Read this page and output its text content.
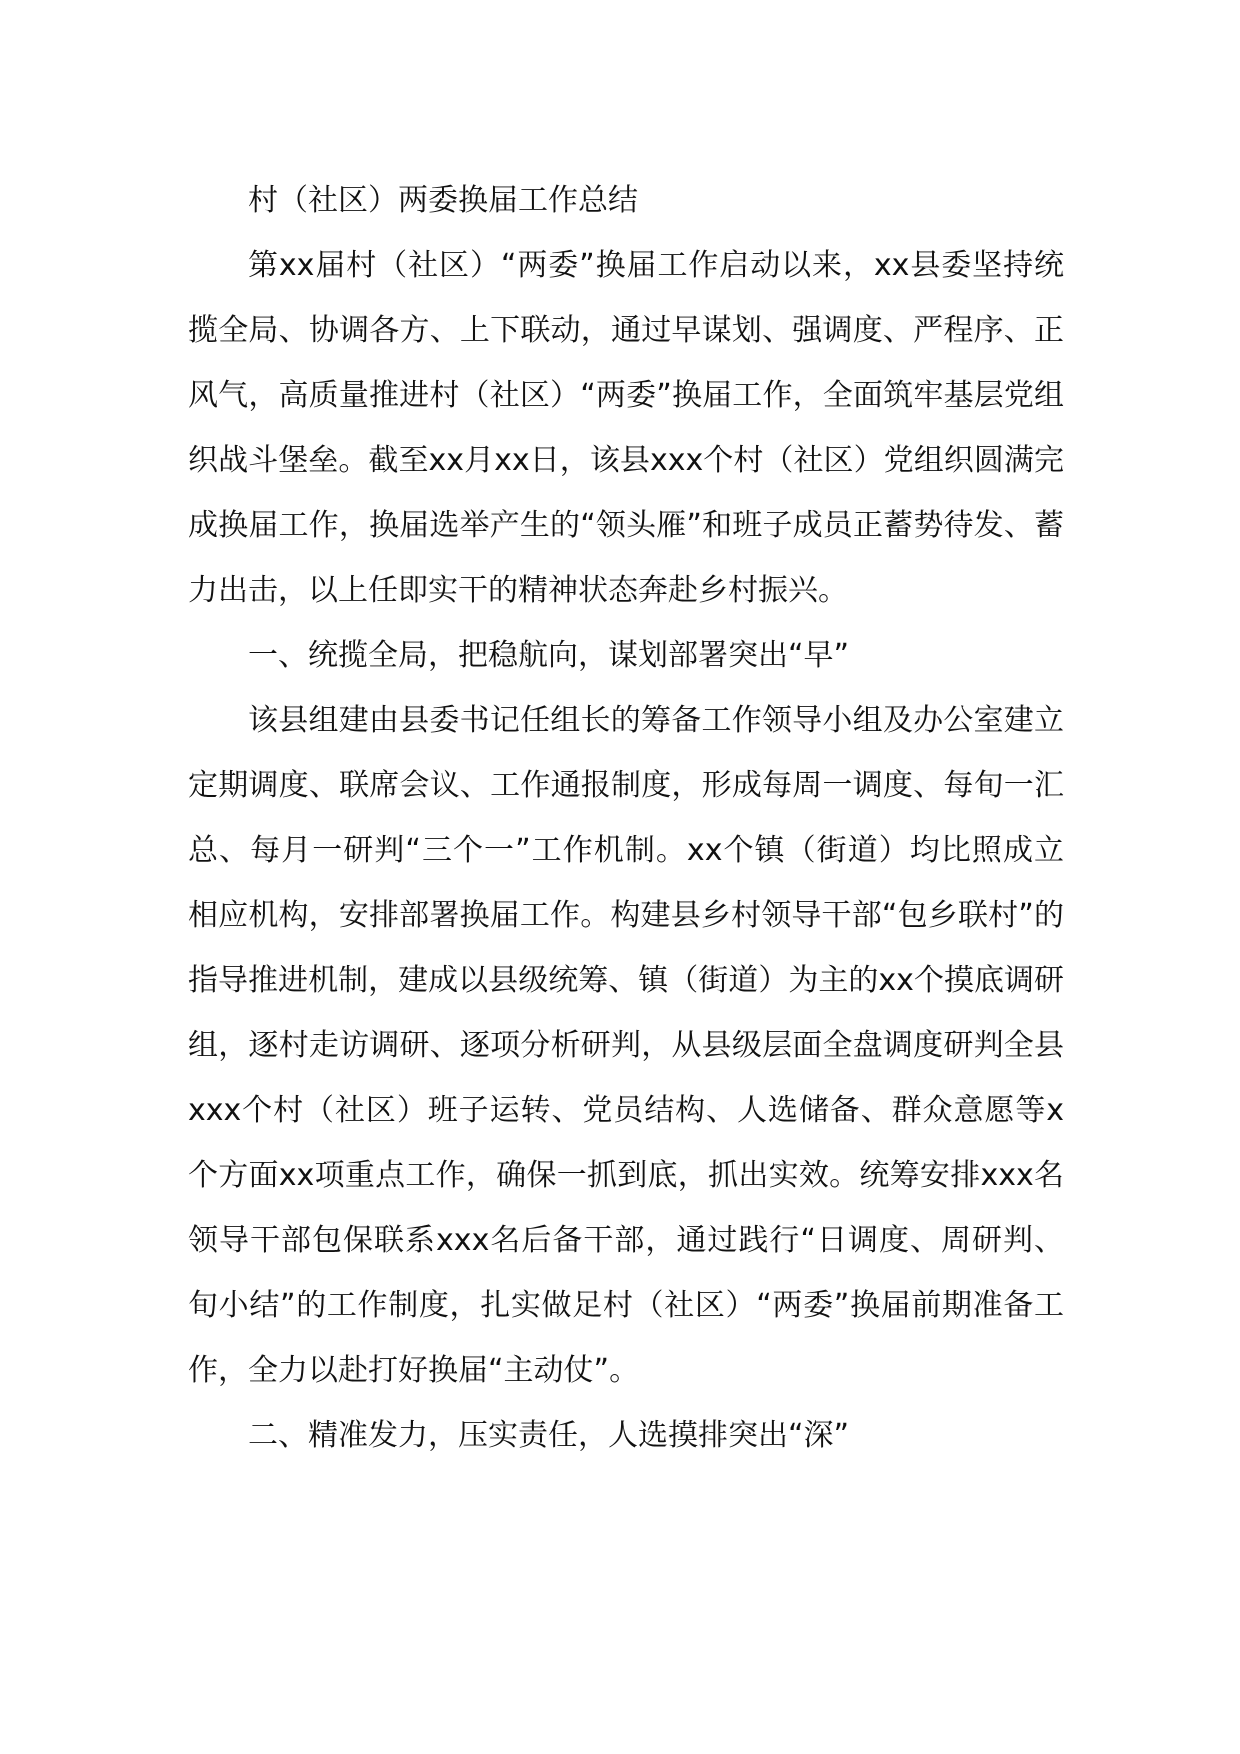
村（社区）两委换届工作总结

第xx届村（社区）“两委”换届工作启动以来，xx县委坚持统揽全局、协调各方、上下联动，通过早谋划、强调度、严程序、正风气，高质量推进村（社区）“两委”换届工作，全面筑牢基层党组织战斗堡垒。截至xx月xx日，该县xxx个村（社区）党组织圆满完成换届工作，换届选举产生的“领头雁”和班子成员正蓄势待发、蓄力出击，以上任即实干的精神状态奔赴乡村振兴。

一、统揽全局，把稳航向，谋划部署突出“早”

该县组建由县委书记任组长的筹备工作领导小组及办公室建立定期调度、联席会议、工作通报制度，形成每周一调度、每旬一汇总、每月一研判“三个一”工作机制。xx个镇（街道）均比照成立相应机构，安排部署换届工作。构建县乡村领导干部“包乡联村”的指导推进机制，建成以县级统筹、镇（街道）为主的xx个摸底调研组，逐村走访调研、逐项分析研判，从县级层面全盘调度研判全县xxx个村（社区）班子运转、党员结构、人选储备、群众意愿等x个方面xx项重点工作，确保一抓到底，抓出实效。统筹安排xxx名领导干部包保联系xxx名后备干部，通过践行“日调度、周研判、旬小结”的工作制度，扎实做足村（社区）“两委”换届前期准备工作，全力以赴打好换届“主动仗”。

二、精准发力，压实责任，人选摸排突出“深”
